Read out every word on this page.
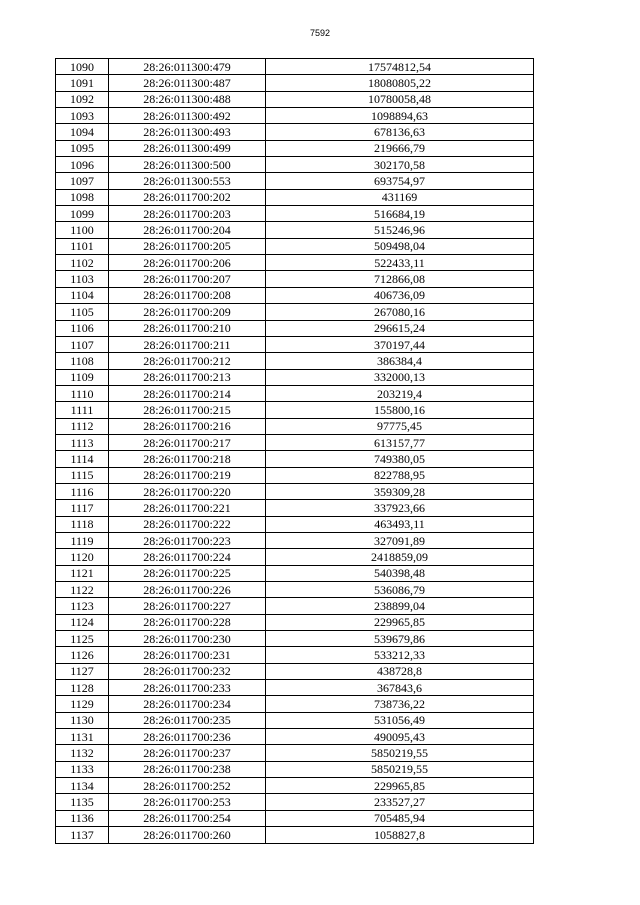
7592
1090	28:26:011300:479	17574812,54
1091	28:26:011300:487	18080805,22
1092	28:26:011300:488	10780058,48
1093	28:26:011300:492	1098894,63
1094	28:26:011300:493	678136,63
1095	28:26:011300:499	219666,79
1096	28:26:011300:500	302170,58
1097	28:26:011300:553	693754,97
1098	28:26:011700:202	431169
1099	28:26:011700:203	516684,19
1100	28:26:011700:204	515246,96
1101	28:26:011700:205	509498,04
1102	28:26:011700:206	522433,11
1103	28:26:011700:207	712866,08
1104	28:26:011700:208	406736,09
1105	28:26:011700:209	267080,16
1106	28:26:011700:210	296615,24
1107	28:26:011700:211	370197,44
1108	28:26:011700:212	386384,4
1109	28:26:011700:213	332000,13
1110	28:26:011700:214	203219,4
1111	28:26:011700:215	155800,16
1112	28:26:011700:216	97775,45
1113	28:26:011700:217	613157,77
1114	28:26:011700:218	749380,05
1115	28:26:011700:219	822788,95
1116	28:26:011700:220	359309,28
1117	28:26:011700:221	337923,66
1118	28:26:011700:222	463493,11
1119	28:26:011700:223	327091,89
1120	28:26:011700:224	2418859,09
1121	28:26:011700:225	540398,48
1122	28:26:011700:226	536086,79
1123	28:26:011700:227	238899,04
1124	28:26:011700:228	229965,85
1125	28:26:011700:230	539679,86
1126	28:26:011700:231	533212,33
1127	28:26:011700:232	438728,8
1128	28:26:011700:233	367843,6
1129	28:26:011700:234	738736,22
1130	28:26:011700:235	531056,49
1131	28:26:011700:236	490095,43
1132	28:26:011700:237	5850219,55
1133	28:26:011700:238	5850219,55
1134	28:26:011700:252	229965,85
1135	28:26:011700:253	233527,27
1136	28:26:011700:254	705485,94
1137	28:26:011700:260	1058827,8
